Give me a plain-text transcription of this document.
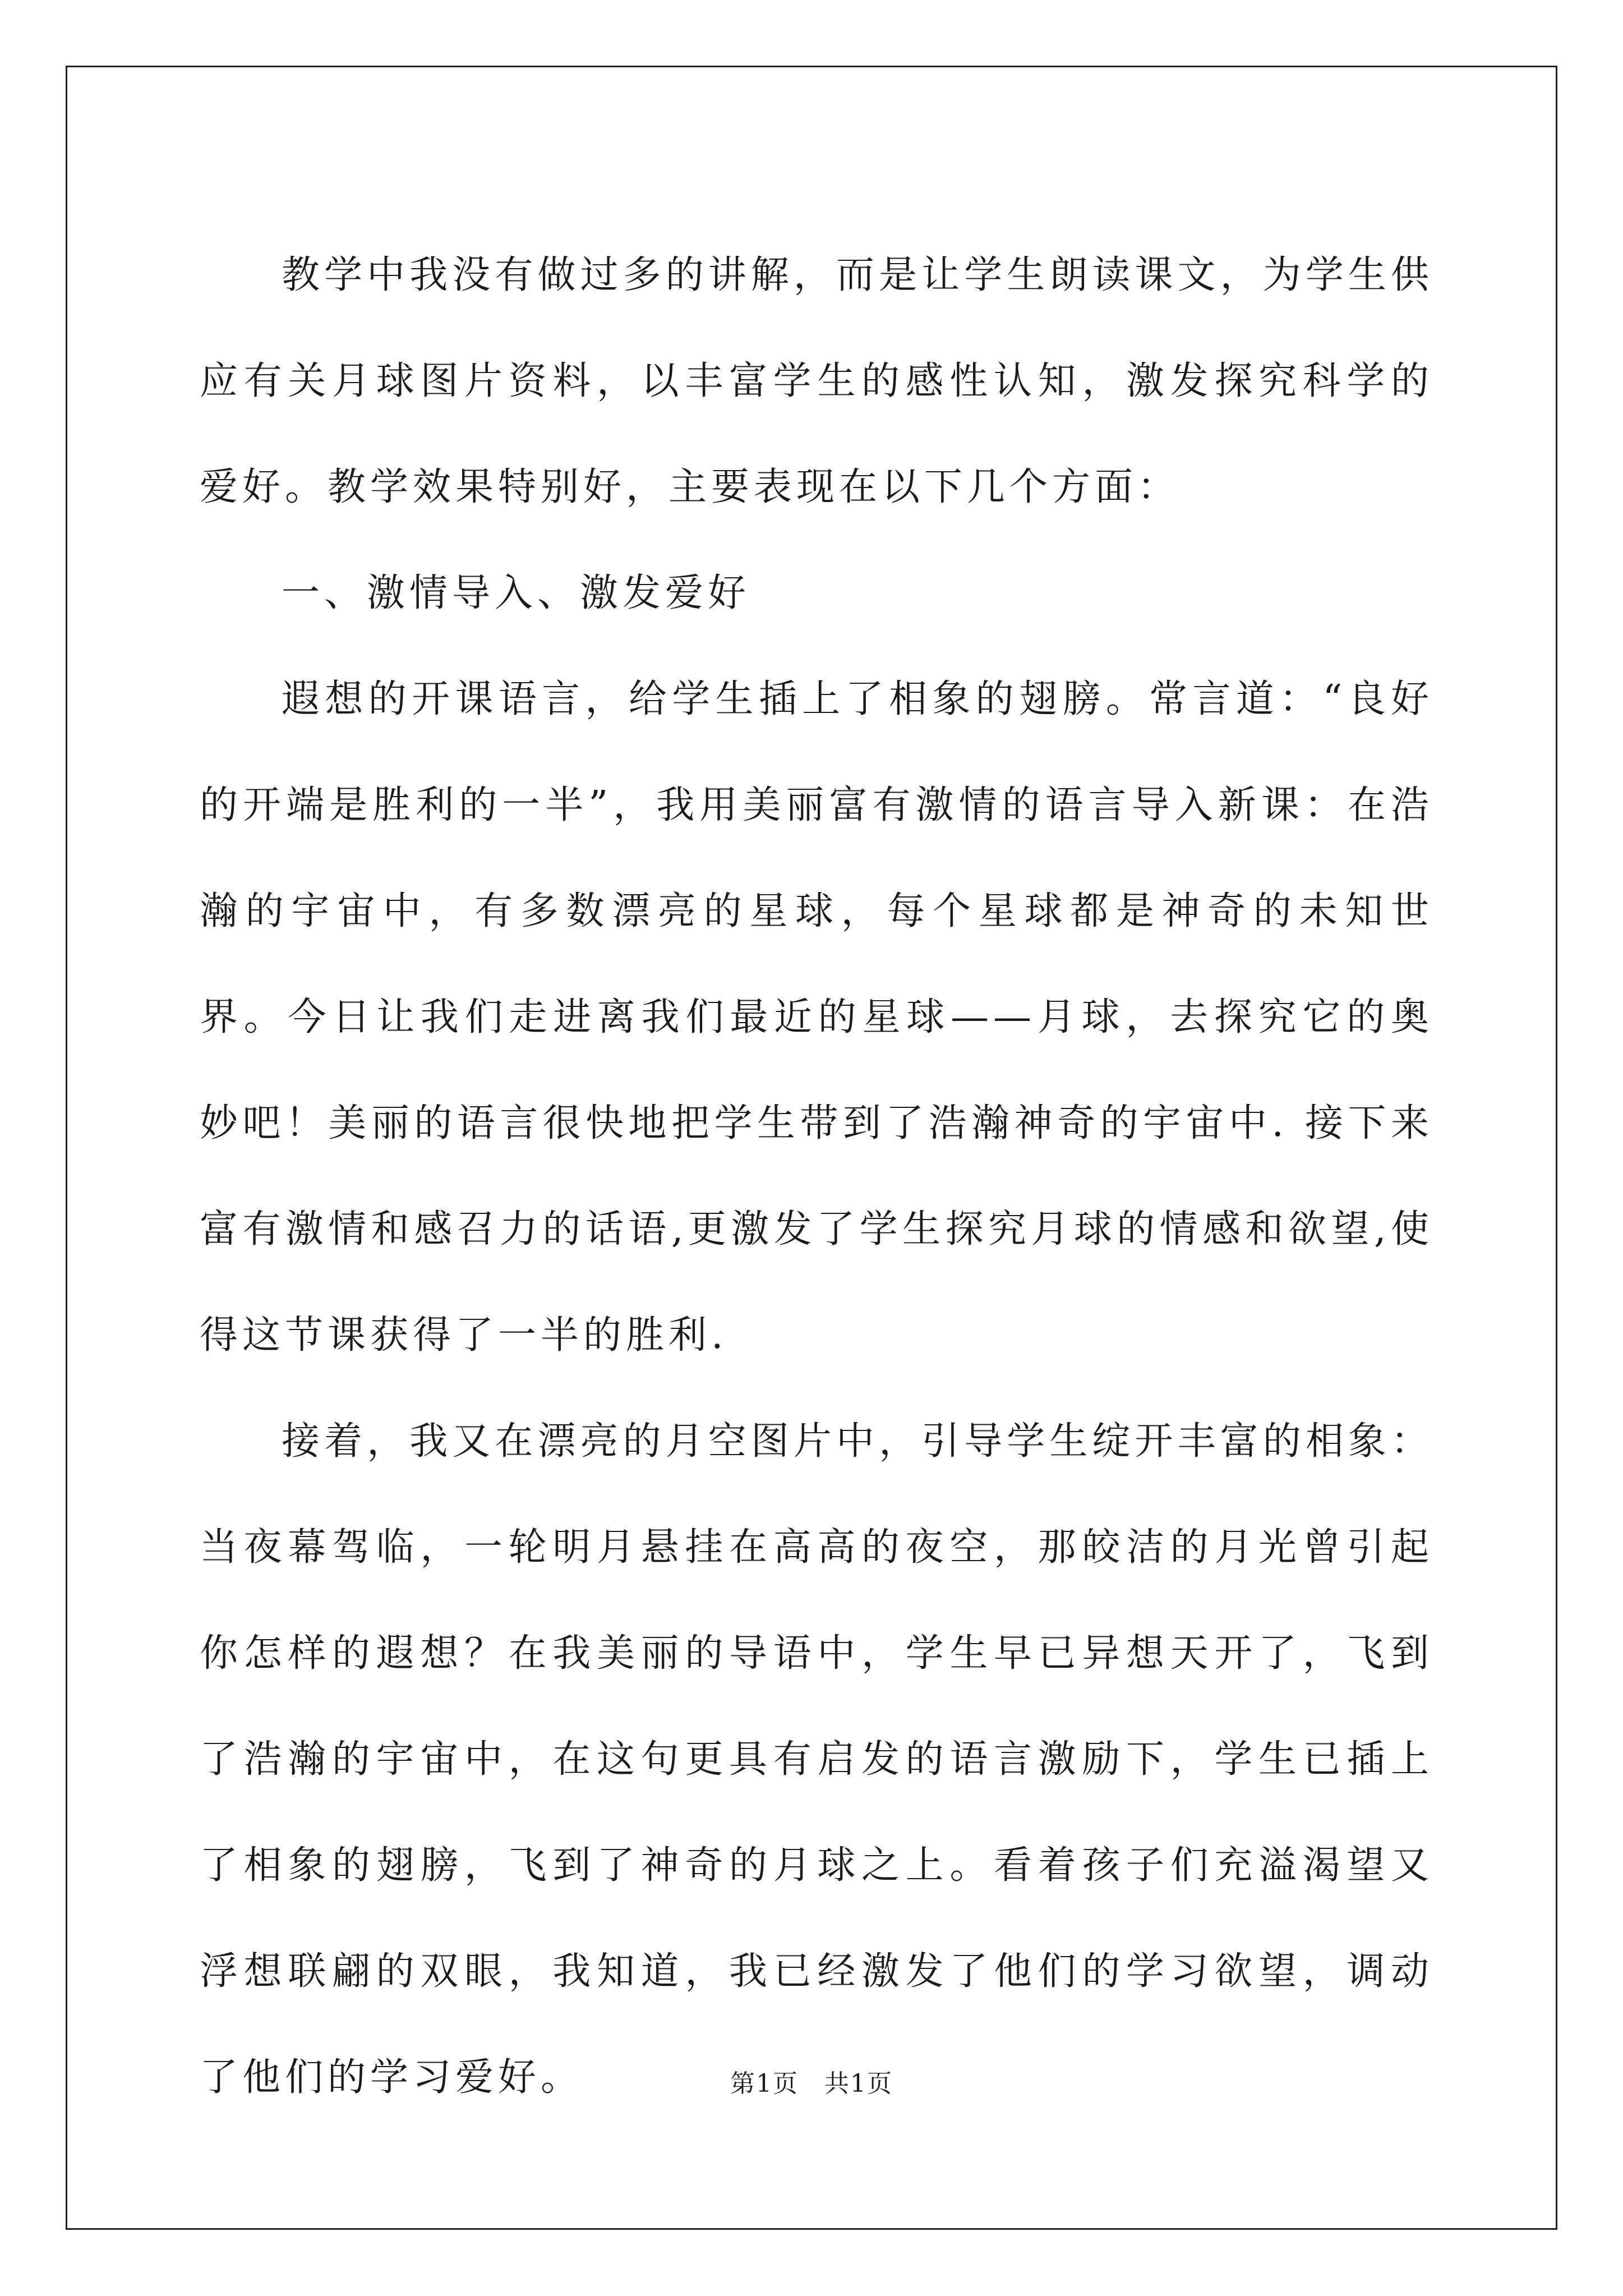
教学中我没有做过多的讲解，而是让学生朗读课文，为学生供应有关月球图片资料，以丰富学生的感性认知，激发探究科学的爱好。教学效果特别好，主要表现在以下几个方面：

一、激情导入、激发爱好

遐想的开课语言，给学生插上了相象的翅膀。常言道：“良好的开端是胜利的一半”，我用美丽富有激情的语言导入新课：在浩瀚的宇宙中，有多数漂亮的星球，每个星球都是神奇的未知世界。今日让我们走进离我们最近的星球——月球，去探究它的奥妙吧！美丽的语言很快地把学生带到了浩瀚神奇的宇宙中. 接下来富有激情和感召力的话语,更激发了学生探究月球的情感和欲望,使得这节课获得了一半的胜利.

接着，我又在漂亮的月空图片中，引导学生绽开丰富的相象：当夜幕驾临，一轮明月悬挂在高高的夜空，那皎洁的月光曾引起你怎样的遐想？在我美丽的导语中，学生早已异想天开了，飞到了浩瀚的宇宙中，在这句更具有启发的语言激励下，学生已插上了相象的翅膀，飞到了神奇的月球之上。看着孩子们充溢渴望又浮想联翩的双眼，我知道，我已经激发了他们的学习欲望，调动了他们的学习爱好。	第1页 共1页
